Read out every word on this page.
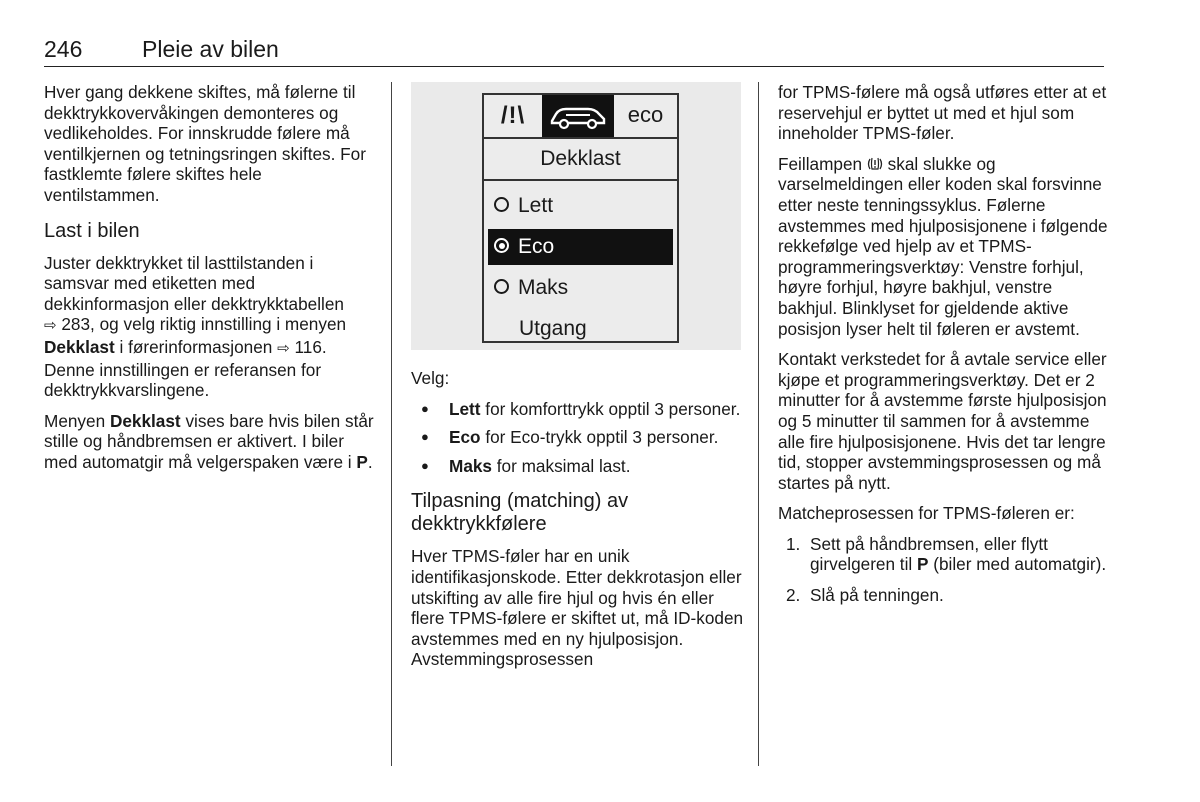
246	Pleie av bilen

Hver gang dekkene skiftes, må følerne til dekktrykkovervåkingen demonteres og vedlikeholdes. For innskrudde følere må ventilkjernen og tetningsringen skiftes. For fastklemte følere skiftes hele ventilstammen.

Last i bilen

Juster dekktrykket til lasttilstanden i samsvar med etiketten med dekkinformasjon eller dekktrykktabellen
⇨ 283, og velg riktig innstilling i menyen Dekklast i førerinformasjonen ⇨ 116. Denne innstillingen er referansen for dekktrykkvarslingene.

Menyen Dekklast vises bare hvis bilen står stille og håndbremsen er aktivert. I biler med automatgir må velgerspaken være i P.

/!\	eco
Dekklast
Lett
Eco
Maks
Utgang

Velg:

● Lett for komforttrykk opptil 3 personer.
● Eco for Eco-trykk opptil 3 personer.
● Maks for maksimal last.
Tilpasning (matching) av dekktrykkfølere

Hver TPMS-føler har en unik identifikasjonskode. Etter dekkrotasjon eller utskifting av alle fire hjul og hvis én eller flere TPMS-følere er skiftet ut, må ID-koden avstemmes med en ny hjulposisjon. Avstemmingsprosessen

for TPMS-følere må også utføres etter at et reservehjul er byttet ut med et hjul som inneholder TPMS-føler.

Feillampen skal slukke og varselmeldingen eller koden skal forsvinne etter neste tenningssyklus. Følerne avstemmes med hjulposisjonene i følgende rekkefølge ved hjelp av et TPMS-programmeringsverktøy: Venstre forhjul, høyre forhjul, høyre bakhjul, venstre bakhjul. Blinklyset for gjeldende aktive posisjon lyser helt til føleren er avstemt.

Kontakt verkstedet for å avtale service eller kjøpe et programmeringsverktøy. Det er 2 minutter for å avstemme første hjulposisjon og 5 minutter til sammen for å avstemme alle fire hjulposisjonene. Hvis det tar lengre tid, stopper avstemmingsprosessen og må startes på nytt.

Matcheprosessen for TPMS-føleren er:

1. Sett på håndbremsen, eller flytt girvelgeren til P (biler med automatgir).
2. Slå på tenningen.
